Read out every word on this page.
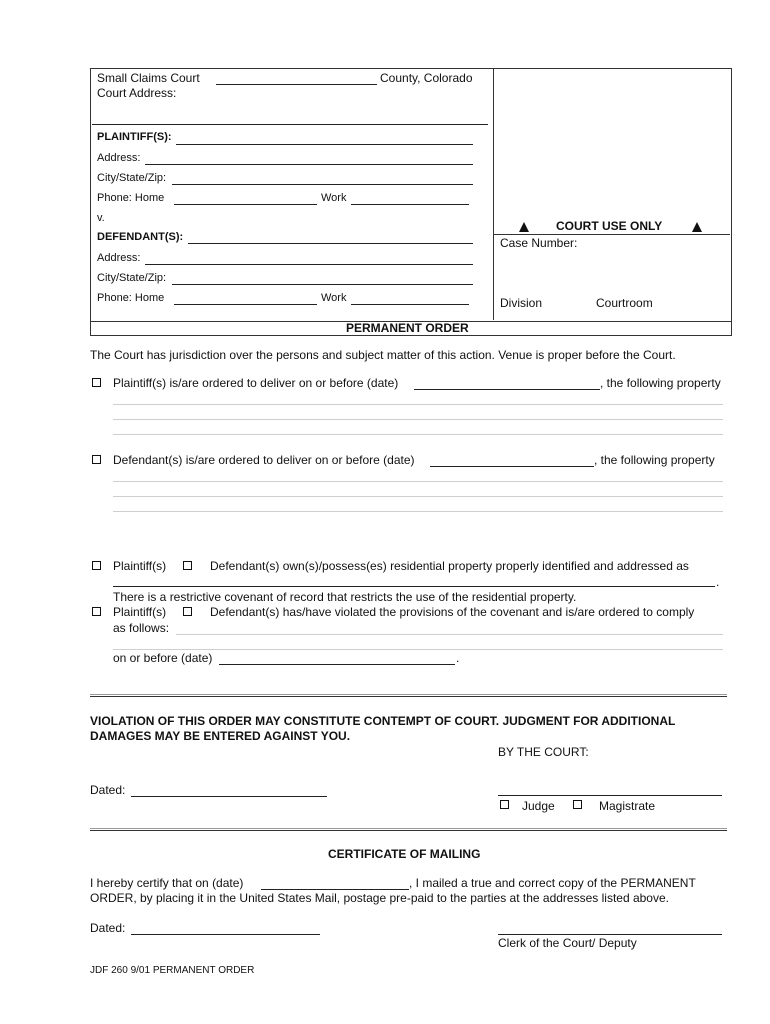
Small Claims Court	County, Colorado
Court Address:
PLAINTIFF(S):
Address:
City/State/Zip:
Phone: Home	Work
v.
DEFENDANT(S):
Address:
City/State/Zip:
Phone: Home	Work
COURT USE ONLY
Case Number:
Division	Courtroom
PERMANENT ORDER
The Court has jurisdiction over the persons and subject matter of this action. Venue is proper before the Court.
Plaintiff(s) is/are ordered to deliver on or before (date)	, the following property
Defendant(s) is/are ordered to deliver on or before (date)	, the following property
Plaintiff(s)	Defendant(s) own(s)/possess(es) residential property properly identified and addressed as
.
There is a restrictive covenant of record that restricts the use of the residential property.
Plaintiff(s)	Defendant(s) has/have violated the provisions of the covenant and is/are ordered to comply
as follows:
on or before (date)	.
VIOLATION OF THIS ORDER MAY CONSTITUTE CONTEMPT OF COURT. JUDGMENT FOR ADDITIONAL
DAMAGES MAY BE ENTERED AGAINST YOU.
BY THE COURT:
Dated:
Judge	Magistrate
CERTIFICATE OF MAILING
I hereby certify that on (date)	, I mailed a true and correct copy of the PERMANENT
ORDER, by placing it in the United States Mail, postage pre-paid to the parties at the addresses listed above.
Dated:
Clerk of the Court/ Deputy
JDF 260 9/01 PERMANENT ORDER
